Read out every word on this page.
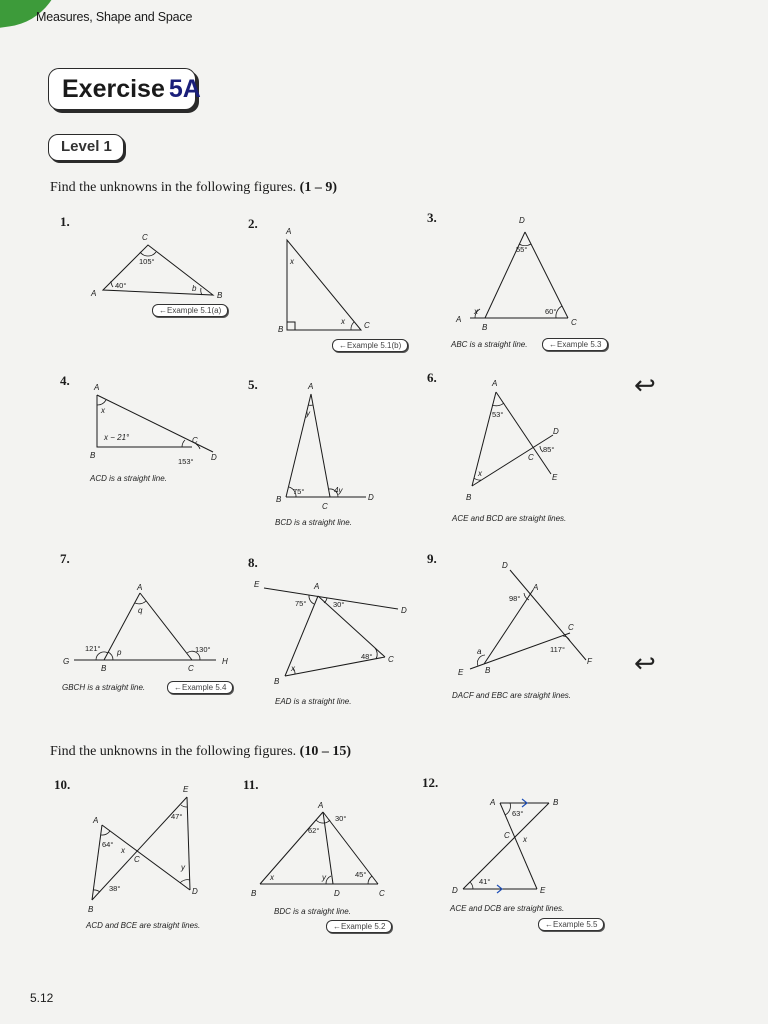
Measures, Shape and Space
Exercise 5A
Level 1
Find the unknowns in the following figures. (1 – 9)
1.
C
A	B
105°
40°	b
←Example 5.1(a)
2.
A
B	C
x
x
←Example 5.1(b)
3.	D
A
B
C
55°
60°
x
ABC is a straight line.	←Example 5.3
4.	A
B
C
D
153°
x
x − 21°
ACD is a straight line.
5.	A
B
C
D
75°
y
4y
BCD is a straight line.
6.	A
B
C
D
E
53°
85°
x
ACE and BCD are straight lines.
↩
7.
A
G
B	C
H
121°	130°
q
p
GBCH is a straight line.	←Example 5.4
8.
E	A
D
B
C
75°	30°
48°
x
EAD is a straight line.
9.	D
A
C
E	B
F
98°
117°
a
DACF and EBC are straight lines.
↩
Find the unknowns in the following figures. (10 – 15)
10.	E
A
C
B
D
47°
64°
38°
x
y
ACD and BCE are straight lines.
11.
A
B	D	C
30°
62°
45°
x	y
BDC is a straight line.
←Example 5.2
12.
A	B
C
D	E
63°
41°
x
ACE and DCB are straight lines.
←Example 5.5
5.12
